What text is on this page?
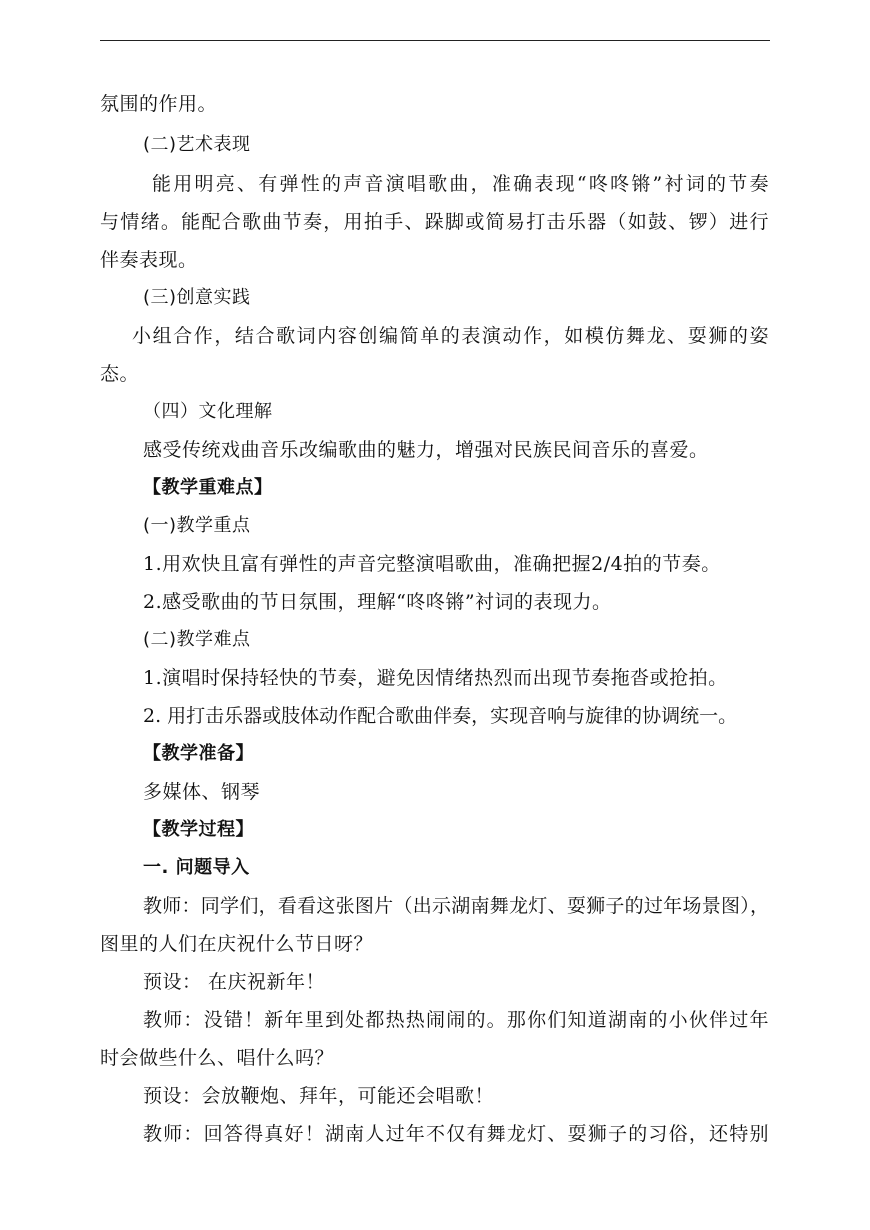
氛围的作用。
(二)艺术表现
能用明亮、有弹性的声音演唱歌曲，准确表现“咚咚锵”衬词的节奏
与情绪。能配合歌曲节奏，用拍手、跺脚或简易打击乐器（如鼓、锣）进行
伴奏表现。
(三)创意实践
小组合作，结合歌词内容创编简单的表演动作，如模仿舞龙、耍狮的姿
态。
（四）文化理解
感受传统戏曲音乐改编歌曲的魅力，增强对民族民间音乐的喜爱。
【教学重难点】
(一)教学重点
1.用欢快且富有弹性的声音完整演唱歌曲，准确把握2/4拍的节奏。
2.感受歌曲的节日氛围，理解“咚咚锵”衬词的表现力。
(二)教学难点
1.演唱时保持轻快的节奏，避免因情绪热烈而出现节奏拖沓或抢拍。
2. 用打击乐器或肢体动作配合歌曲伴奏，实现音响与旋律的协调统一。
【教学准备】
多媒体、钢琴
【教学过程】
一. 问题导入
教师：同学们，看看这张图片（出示湖南舞龙灯、耍狮子的过年场景图），
图里的人们在庆祝什么节日呀？
预设： 在庆祝新年！
教师：没错！新年里到处都热热闹闹的。那你们知道湖南的小伙伴过年
时会做些什么、唱什么吗？
预设：会放鞭炮、拜年，可能还会唱歌！
教师：回答得真好！湖南人过年不仅有舞龙灯、耍狮子的习俗，还特别
